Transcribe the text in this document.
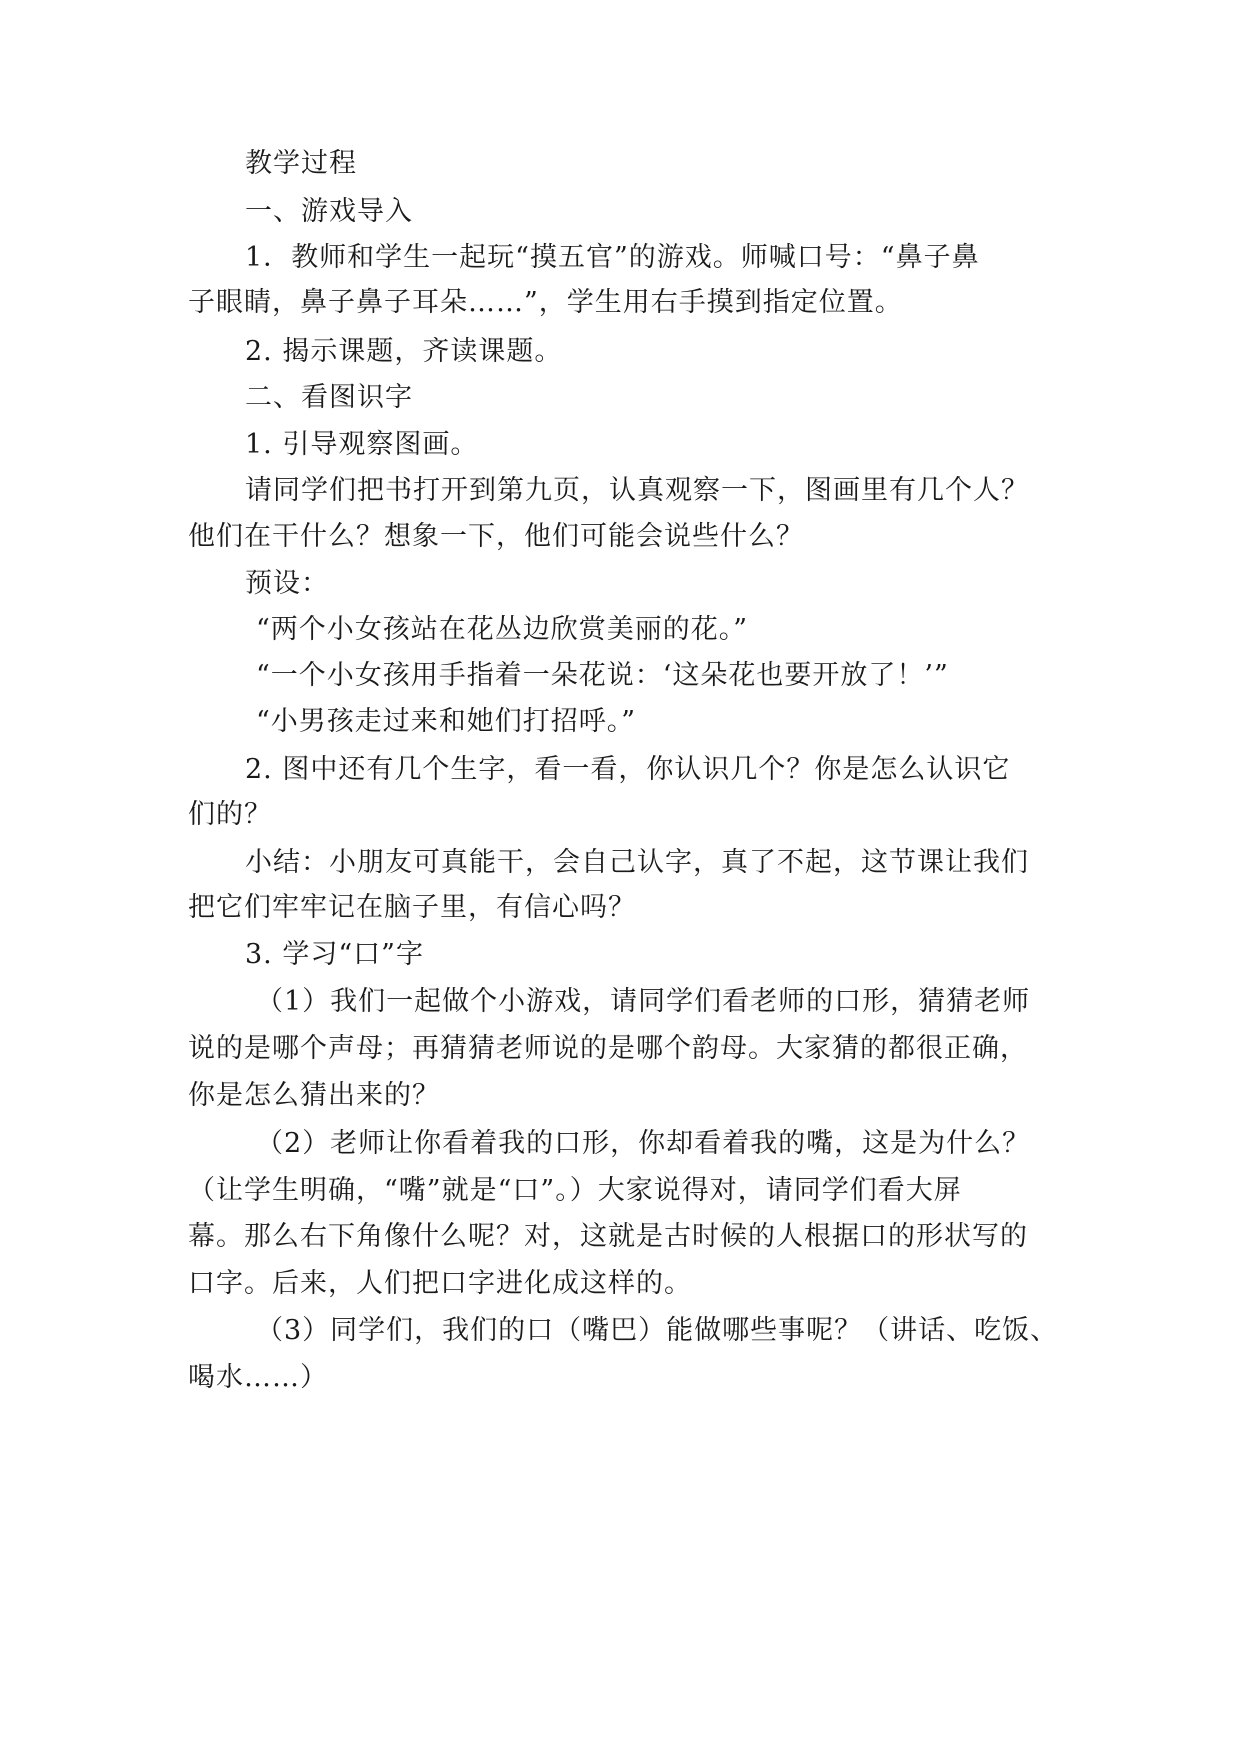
教学过程
一、游戏导入
1．教师和学生一起玩“摸五官”的游戏。师喊口号：“鼻子鼻
子眼睛，鼻子鼻子耳朵……”，学生用右手摸到指定位置。
2. 揭示课题，齐读课题。
二、看图识字
1. 引导观察图画。
请同学们把书打开到第九页，认真观察一下，图画里有几个人？
他们在干什么？想象一下，他们可能会说些什么？
预设：
“两个小女孩站在花丛边欣赏美丽的花。”
“一个小女孩用手指着一朵花说：‘这朵花也要开放了！’”
“小男孩走过来和她们打招呼。”
2. 图中还有几个生字，看一看，你认识几个？你是怎么认识它
们的？
小结：小朋友可真能干，会自己认字，真了不起，这节课让我们
把它们牢牢记在脑子里，有信心吗？
3. 学习“口”字
（1）我们一起做个小游戏，请同学们看老师的口形，猜猜老师
说的是哪个声母；再猜猜老师说的是哪个韵母。大家猜的都很正确，
你是怎么猜出来的？
（2）老师让你看着我的口形，你却看着我的嘴，这是为什么？
（让学生明确，“嘴”就是“口”。）大家说得对，请同学们看大屏
幕。那么右下角像什么呢？对，这就是古时候的人根据口的形状写的
口字。后来，人们把口字进化成这样的。
（3）同学们，我们的口（嘴巴）能做哪些事呢？（讲话、吃饭、
喝水……）
